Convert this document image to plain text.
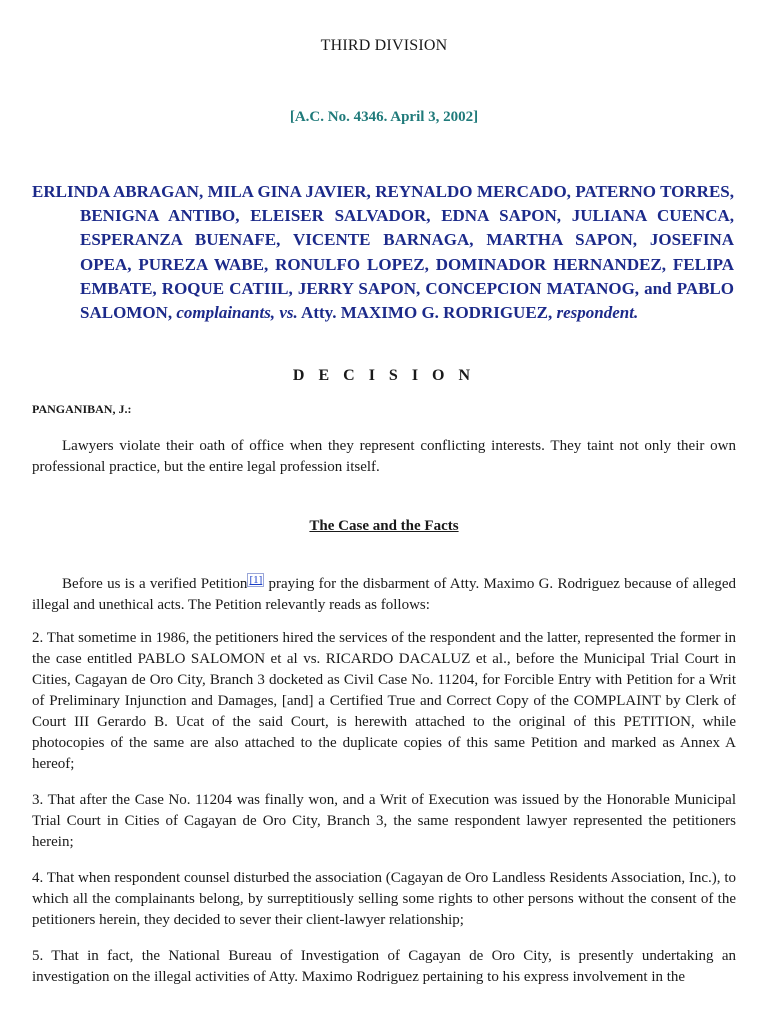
THIRD DIVISION
[A.C. No. 4346. April 3, 2002]
ERLINDA ABRAGAN, MILA GINA JAVIER, REYNALDO MERCADO, PATERNO TORRES, BENIGNA ANTIBO, ELEISER SALVADOR, EDNA SAPON, JULIANA CUENCA, ESPERANZA BUENAFE, VICENTE BARNAGA, MARTHA SAPON, JOSEFINA OPEA, PUREZA WABE, RONULFO LOPEZ, DOMINADOR HERNANDEZ, FELIPA EMBATE, ROQUE CATIIL, JERRY SAPON, CONCEPCION MATANOG, and PABLO SALOMON, complainants, vs. Atty. MAXIMO G. RODRIGUEZ, respondent.
D E C I S I O N
PANGANIBAN, J.:
Lawyers violate their oath of office when they represent conflicting interests. They taint not only their own professional practice, but the entire legal profession itself.
The Case and the Facts
Before us is a verified Petition [1] praying for the disbarment of Atty. Maximo G. Rodriguez because of alleged illegal and unethical acts. The Petition relevantly reads as follows:
2. That sometime in 1986, the petitioners hired the services of the respondent and the latter, represented the former in the case entitled PABLO SALOMON et al vs. RICARDO DACALUZ et al., before the Municipal Trial Court in Cities, Cagayan de Oro City, Branch 3 docketed as Civil Case No. 11204, for Forcible Entry with Petition for a Writ of Preliminary Injunction and Damages, [and] a Certified True and Correct Copy of the COMPLAINT by Clerk of Court III Gerardo B. Ucat of the said Court, is herewith attached to the original of this PETITION, while photocopies of the same are also attached to the duplicate copies of this same Petition and marked as Annex A hereof;
3. That after the Case No. 11204 was finally won, and a Writ of Execution was issued by the Honorable Municipal Trial Court in Cities of Cagayan de Oro City, Branch 3, the same respondent lawyer represented the petitioners herein;
4. That when respondent counsel disturbed the association (Cagayan de Oro Landless Residents Association, Inc.), to which all the complainants belong, by surreptitiously selling some rights to other persons without the consent of the petitioners herein, they decided to sever their client-lawyer relationship;
5. That in fact, the National Bureau of Investigation of Cagayan de Oro City, is presently undertaking an investigation on the illegal activities of Atty. Maximo Rodriguez pertaining to his express involvement in the
